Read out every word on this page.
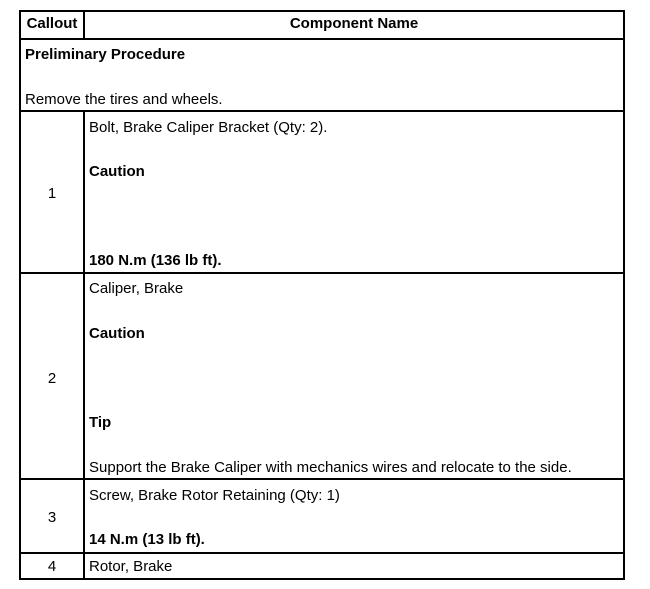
Callout	Component Name
Preliminary Procedure
Remove the tires and wheels.
1
Bolt, Brake Caliper Bracket (Qty: 2).
Caution
180 N.m (136 lb ft).
2
Caliper, Brake
Caution
Tip
Support the Brake Caliper with mechanics wires and relocate to the side.
3
Screw, Brake Rotor Retaining (Qty: 1)
14 N.m (13 lb ft).
4	Rotor, Brake
